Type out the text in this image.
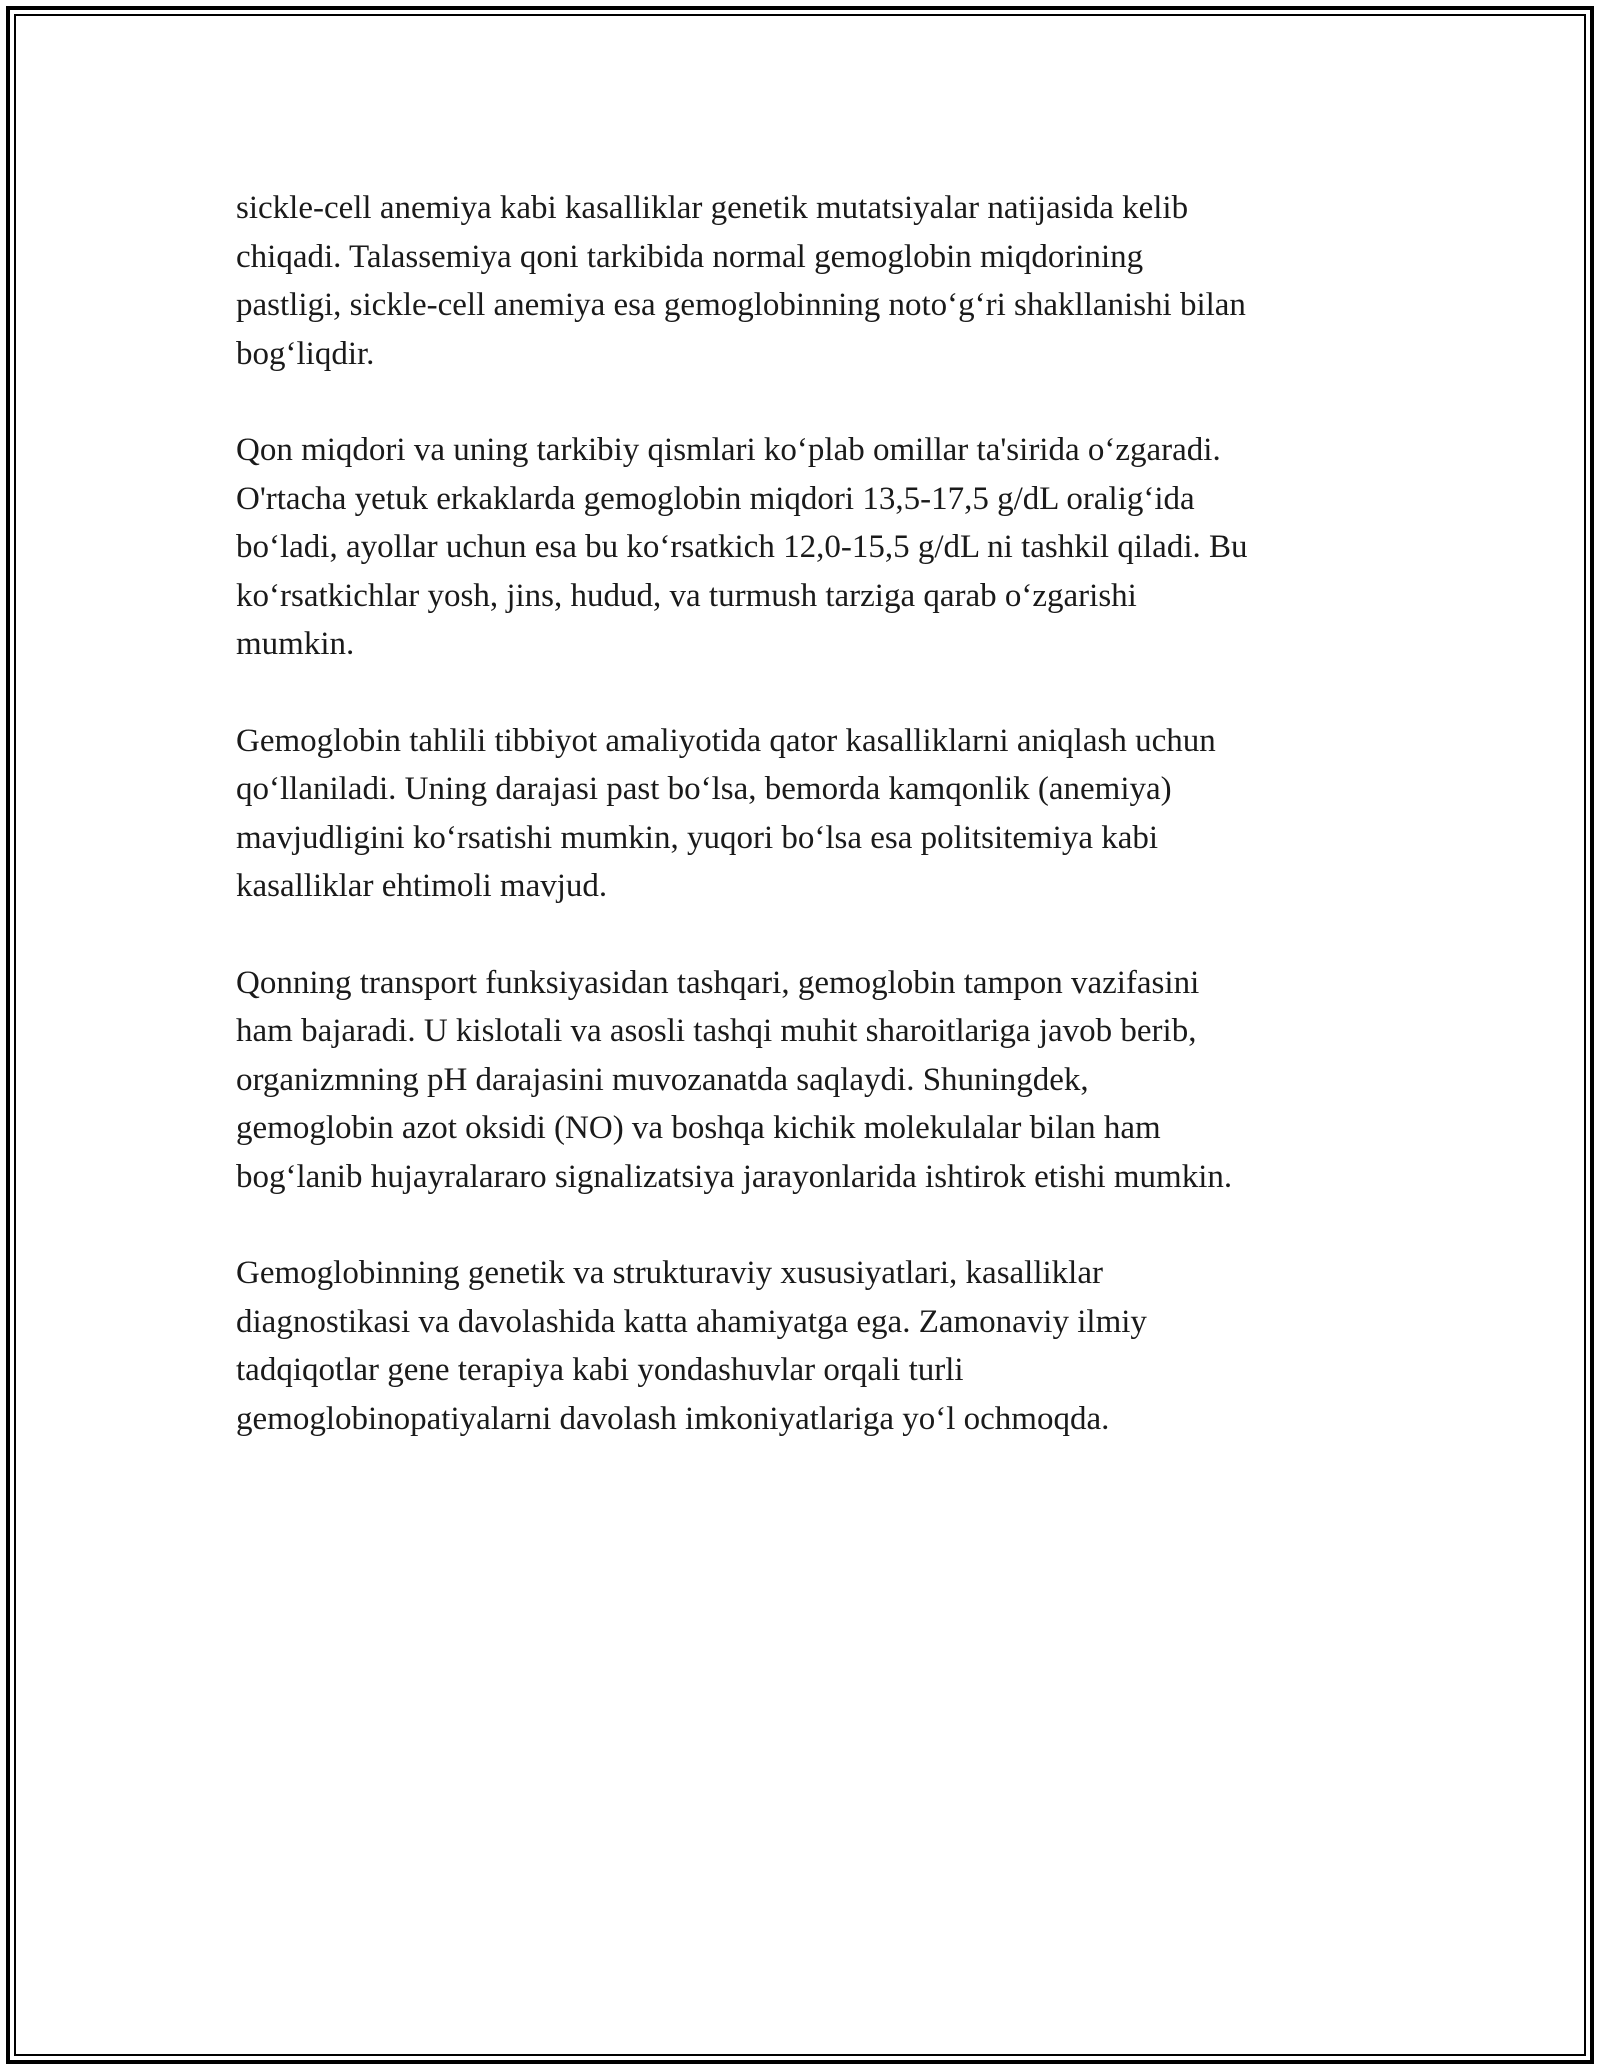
sickle-cell anemiya kabi kasalliklar genetik mutatsiyalar natijasida kelib
chiqadi. Talassemiya qoni tarkibida normal gemoglobin miqdorining
pastligi, sickle-cell anemiya esa gemoglobinning noto‘g‘ri shakllanishi bilan
bog‘liqdir.

Qon miqdori va uning tarkibiy qismlari ko‘plab omillar ta'sirida o‘zgaradi.
O'rtacha yetuk erkaklarda gemoglobin miqdori 13,5-17,5 g/dL oralig‘ida
bo‘ladi, ayollar uchun esa bu ko‘rsatkich 12,0-15,5 g/dL ni tashkil qiladi. Bu
ko‘rsatkichlar yosh, jins, hudud, va turmush tarziga qarab o‘zgarishi
mumkin.

Gemoglobin tahlili tibbiyot amaliyotida qator kasalliklarni aniqlash uchun
qo‘llaniladi. Uning darajasi past bo‘lsa, bemorda kamqonlik (anemiya)
mavjudligini ko‘rsatishi mumkin, yuqori bo‘lsa esa politsitemiya kabi
kasalliklar ehtimoli mavjud.

Qonning transport funksiyasidan tashqari, gemoglobin tampon vazifasini
ham bajaradi. U kislotali va asosli tashqi muhit sharoitlariga javob berib,
organizmning pH darajasini muvozanatda saqlaydi. Shuningdek,
gemoglobin azot oksidi (NO) va boshqa kichik molekulalar bilan ham
bog‘lanib hujayralararo signalizatsiya jarayonlarida ishtirok etishi mumkin.

Gemoglobinning genetik va strukturaviy xususiyatlari, kasalliklar
diagnostikasi va davolashida katta ahamiyatga ega. Zamonaviy ilmiy
tadqiqotlar gene terapiya kabi yondashuvlar orqali turli
gemoglobinopatiyalarni davolash imkoniyatlariga yo‘l ochmoqda.
